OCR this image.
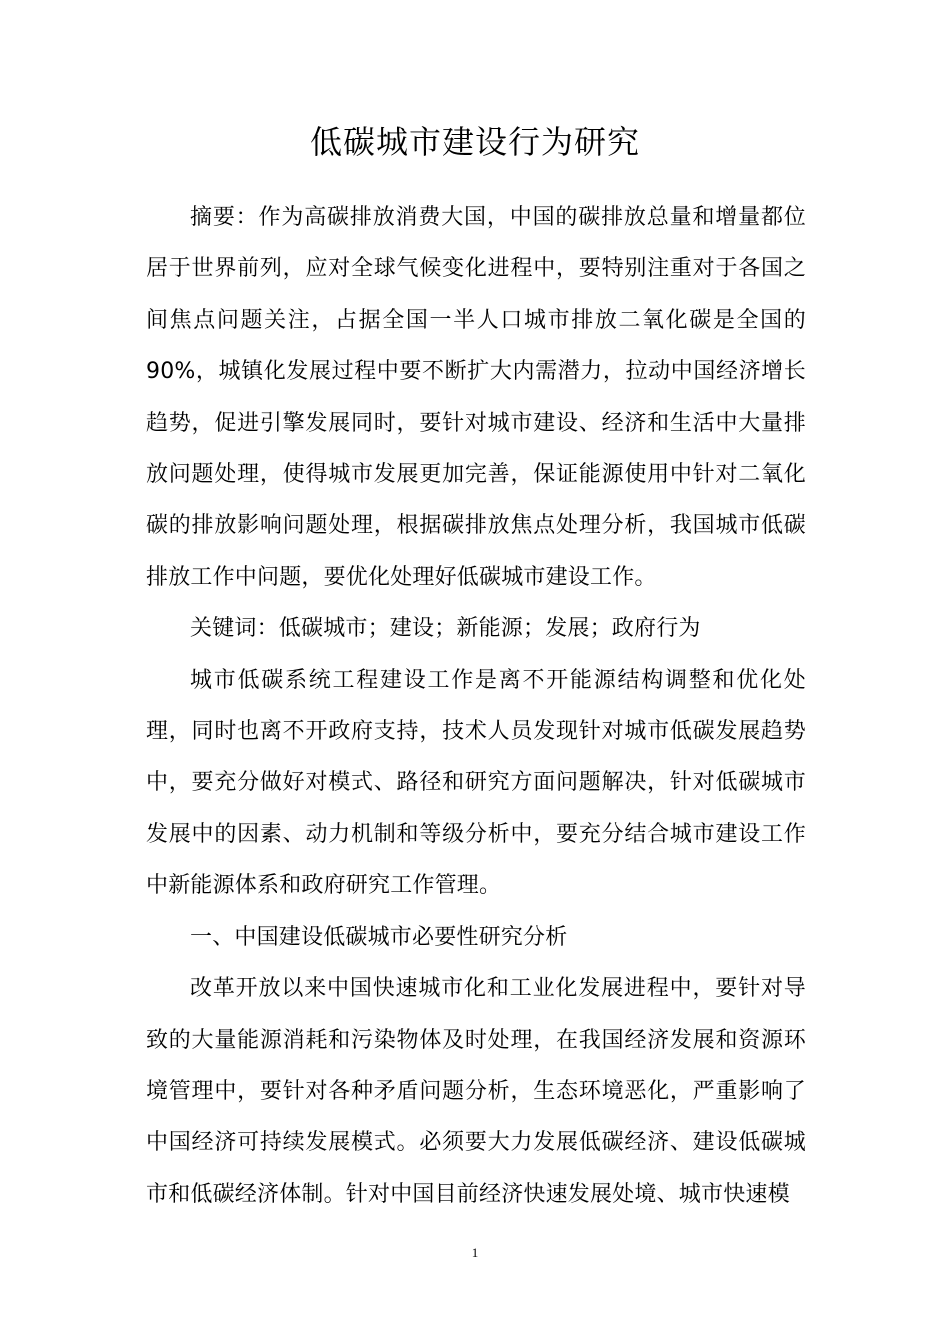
低碳城市建设行为研究

摘要：作为高碳排放消费大国，中国的碳排放总量和增量都位居于世界前列，应对全球气候变化进程中，要特别注重对于各国之间焦点问题关注，占据全国一半人口城市排放二氧化碳是全国的90%，城镇化发展过程中要不断扩大内需潜力，拉动中国经济增长趋势，促进引擎发展同时，要针对城市建设、经济和生活中大量排放问题处理，使得城市发展更加完善，保证能源使用中针对二氧化碳的排放影响问题处理，根据碳排放焦点处理分析，我国城市低碳排放工作中问题，要优化处理好低碳城市建设工作。

关键词：低碳城市；建设；新能源；发展；政府行为

城市低碳系统工程建设工作是离不开能源结构调整和优化处理，同时也离不开政府支持，技术人员发现针对城市低碳发展趋势中，要充分做好对模式、路径和研究方面问题解决，针对低碳城市发展中的因素、动力机制和等级分析中，要充分结合城市建设工作中新能源体系和政府研究工作管理。

一、中国建设低碳城市必要性研究分析

改革开放以来中国快速城市化和工业化发展进程中，要针对导致的大量能源消耗和污染物体及时处理，在我国经济发展和资源环境管理中，要针对各种矛盾问题分析，生态环境恶化，严重影响了中国经济可持续发展模式。必须要大力发展低碳经济、建设低碳城市和低碳经济体制。针对中国目前经济快速发展处境、城市快速模

1
